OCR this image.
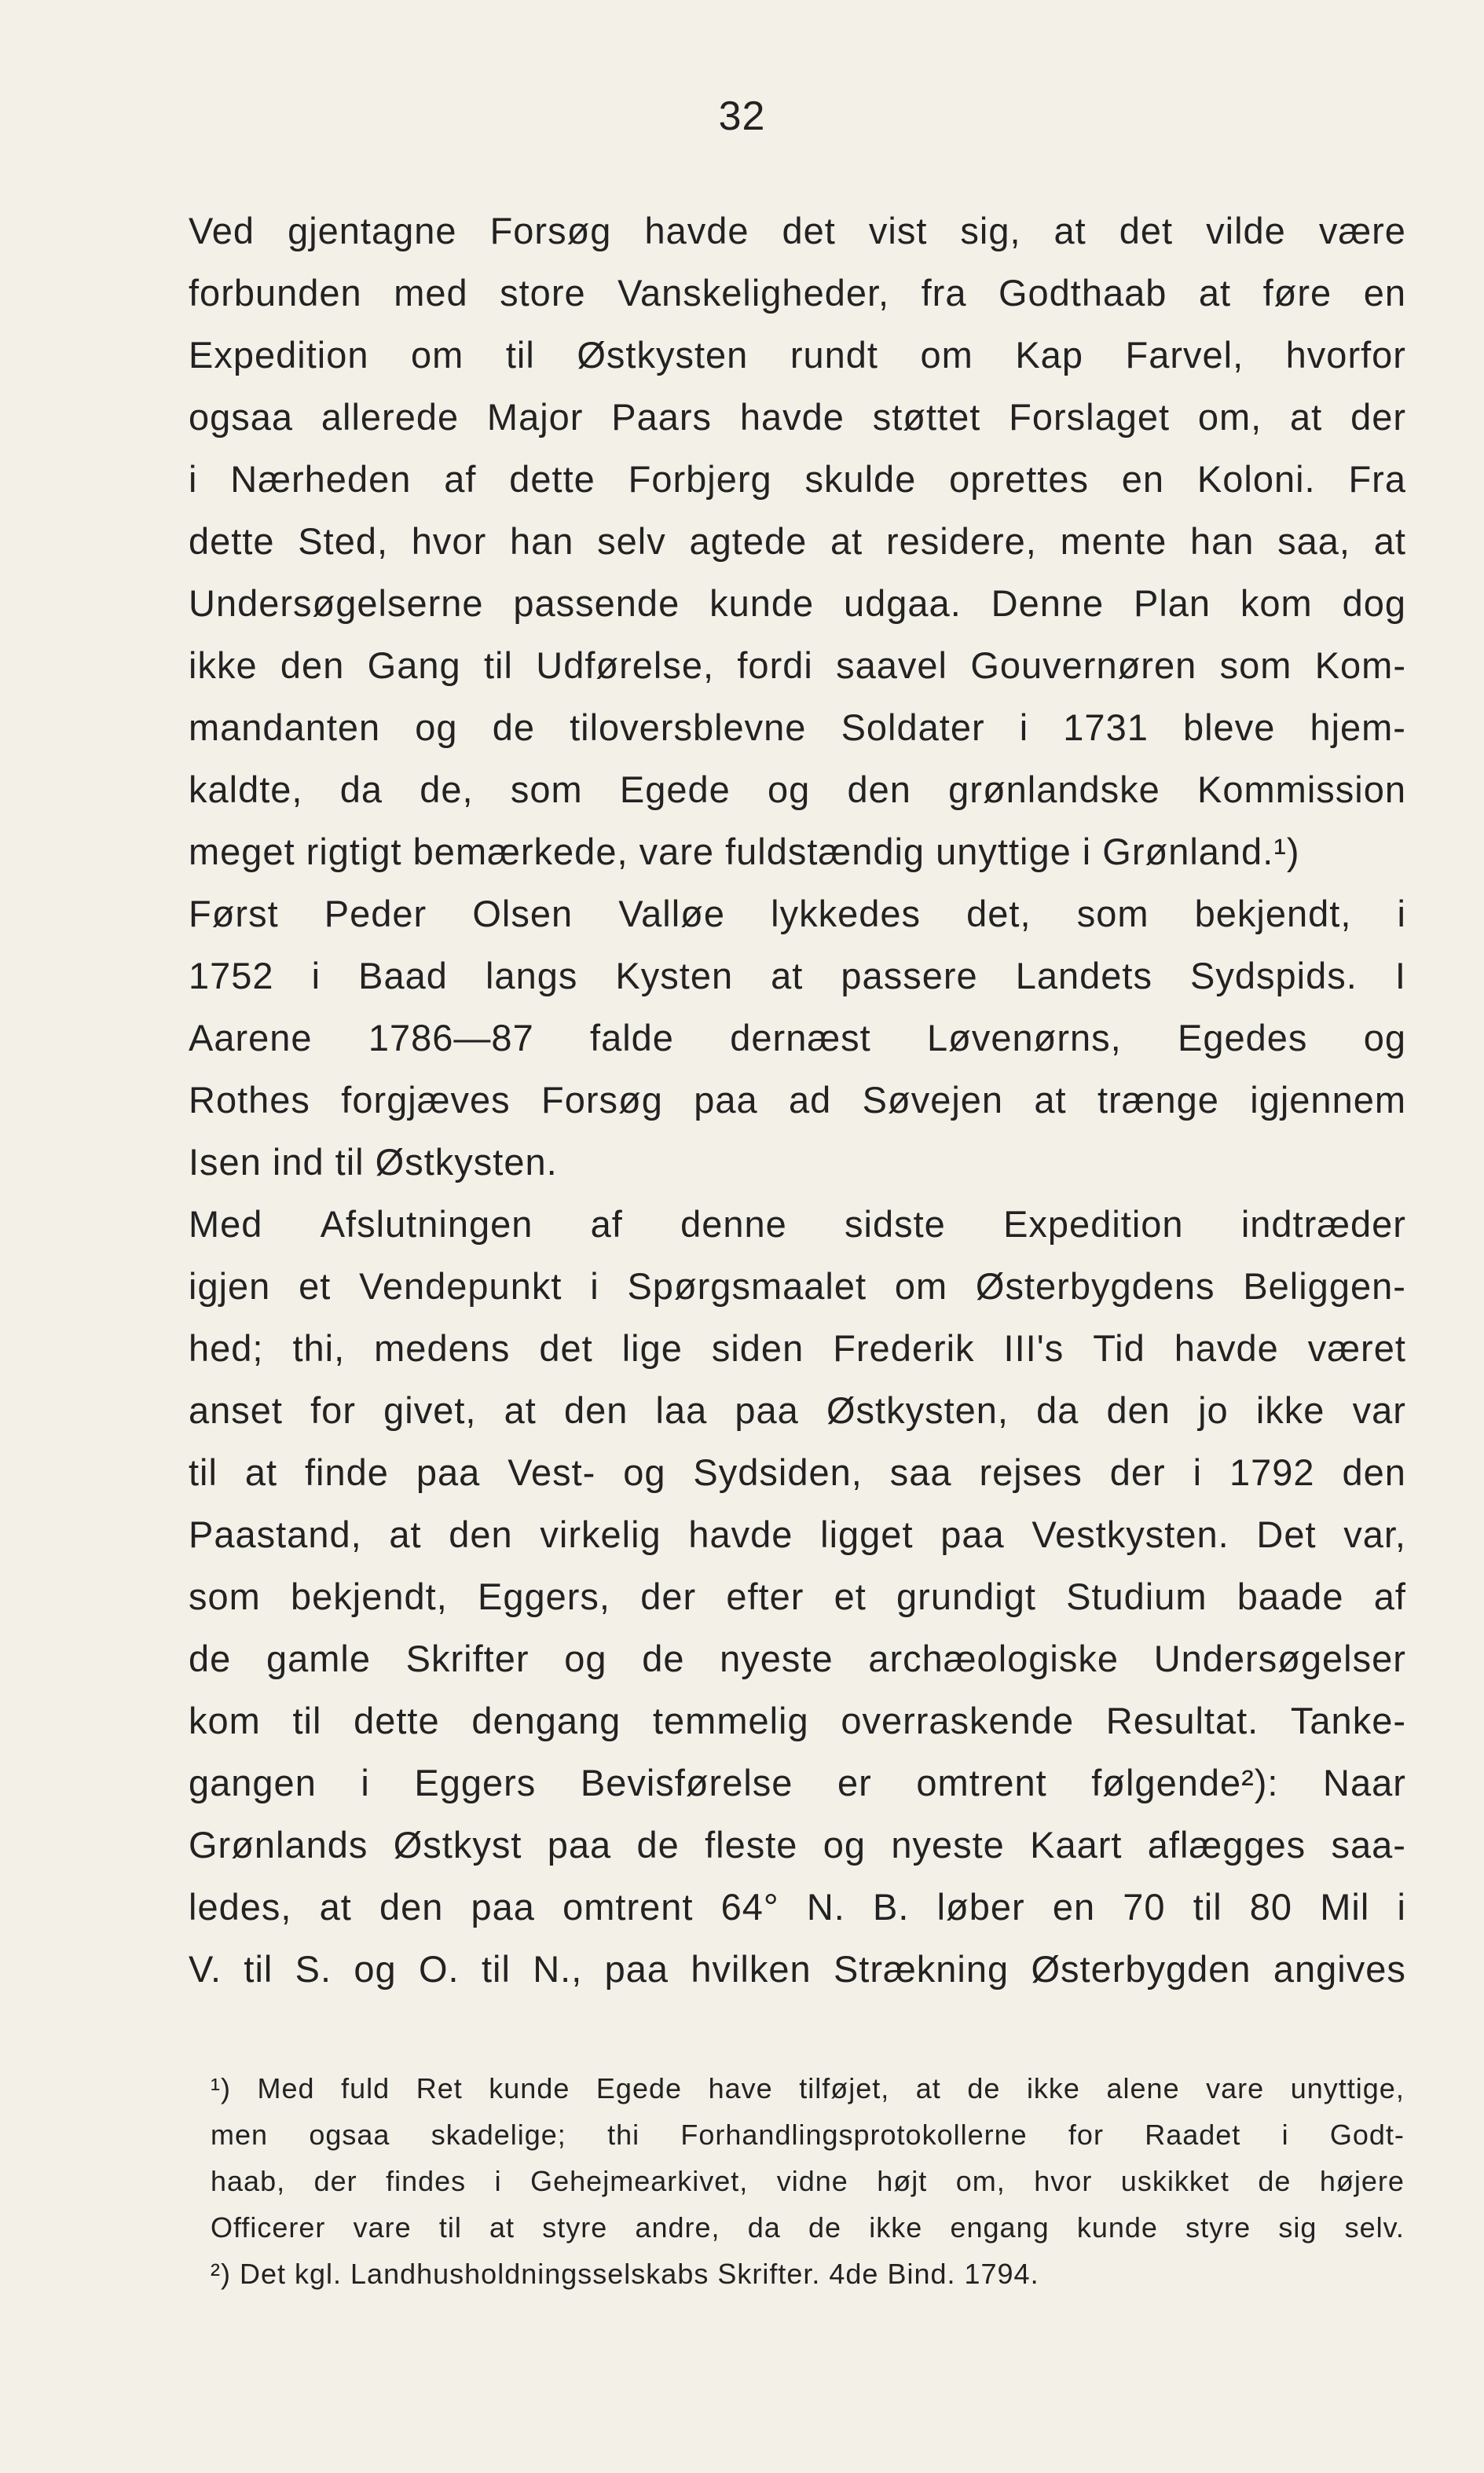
32
Ved gjentagne Forsøg havde det vist sig, at det vilde være
forbunden med store Vanskeligheder, fra Godthaab at føre en
Expedition om til Østkysten rundt om Kap Farvel, hvorfor
ogsaa allerede Major Paars havde støttet Forslaget om, at der
i Nærheden af dette Forbjerg skulde oprettes en Koloni. Fra
dette Sted, hvor han selv agtede at residere, mente han saa, at
Undersøgelserne passende kunde udgaa. Denne Plan kom dog
ikke den Gang til Udførelse, fordi saavel Gouvernøren som Kom-
mandanten og de tiloversblevne Soldater i 1731 bleve hjem-
kaldte, da de, som Egede og den grønlandske Kommission
meget rigtigt bemærkede, vare fuldstændig unyttige i Grønland.¹)
Først Peder Olsen Valløe lykkedes det, som bekjendt, i
1752 i Baad langs Kysten at passere Landets Sydspids. I
Aarene 1786—87 falde dernæst Løvenørns, Egedes og
Rothes forgjæves Forsøg paa ad Søvejen at trænge igjennem
Isen ind til Østkysten.
Med Afslutningen af denne sidste Expedition indtræder
igjen et Vendepunkt i Spørgsmaalet om Østerbygdens Beliggen-
hed; thi, medens det lige siden Frederik III's Tid havde været
anset for givet, at den laa paa Østkysten, da den jo ikke var
til at finde paa Vest- og Sydsiden, saa rejses der i 1792 den
Paastand, at den virkelig havde ligget paa Vestkysten. Det var,
som bekjendt, Eggers, der efter et grundigt Studium baade af
de gamle Skrifter og de nyeste archæologiske Undersøgelser
kom til dette dengang temmelig overraskende Resultat. Tanke-
gangen i Eggers Bevisførelse er omtrent følgende²): Naar
Grønlands Østkyst paa de fleste og nyeste Kaart aflægges saa-
ledes, at den paa omtrent 64° N. B. løber en 70 til 80 Mil i
V. til S. og O. til N., paa hvilken Strækning Østerbygden angives
¹) Med fuld Ret kunde Egede have tilføjet, at de ikke alene vare unyttige,
men ogsaa skadelige; thi Forhandlingsprotokollerne for Raadet i Godt-
haab, der findes i Gehejmearkivet, vidne højt om, hvor uskikket de højere
Officerer vare til at styre andre, da de ikke engang kunde styre sig selv.
²) Det kgl. Landhusholdningsselskabs Skrifter. 4de Bind. 1794.
